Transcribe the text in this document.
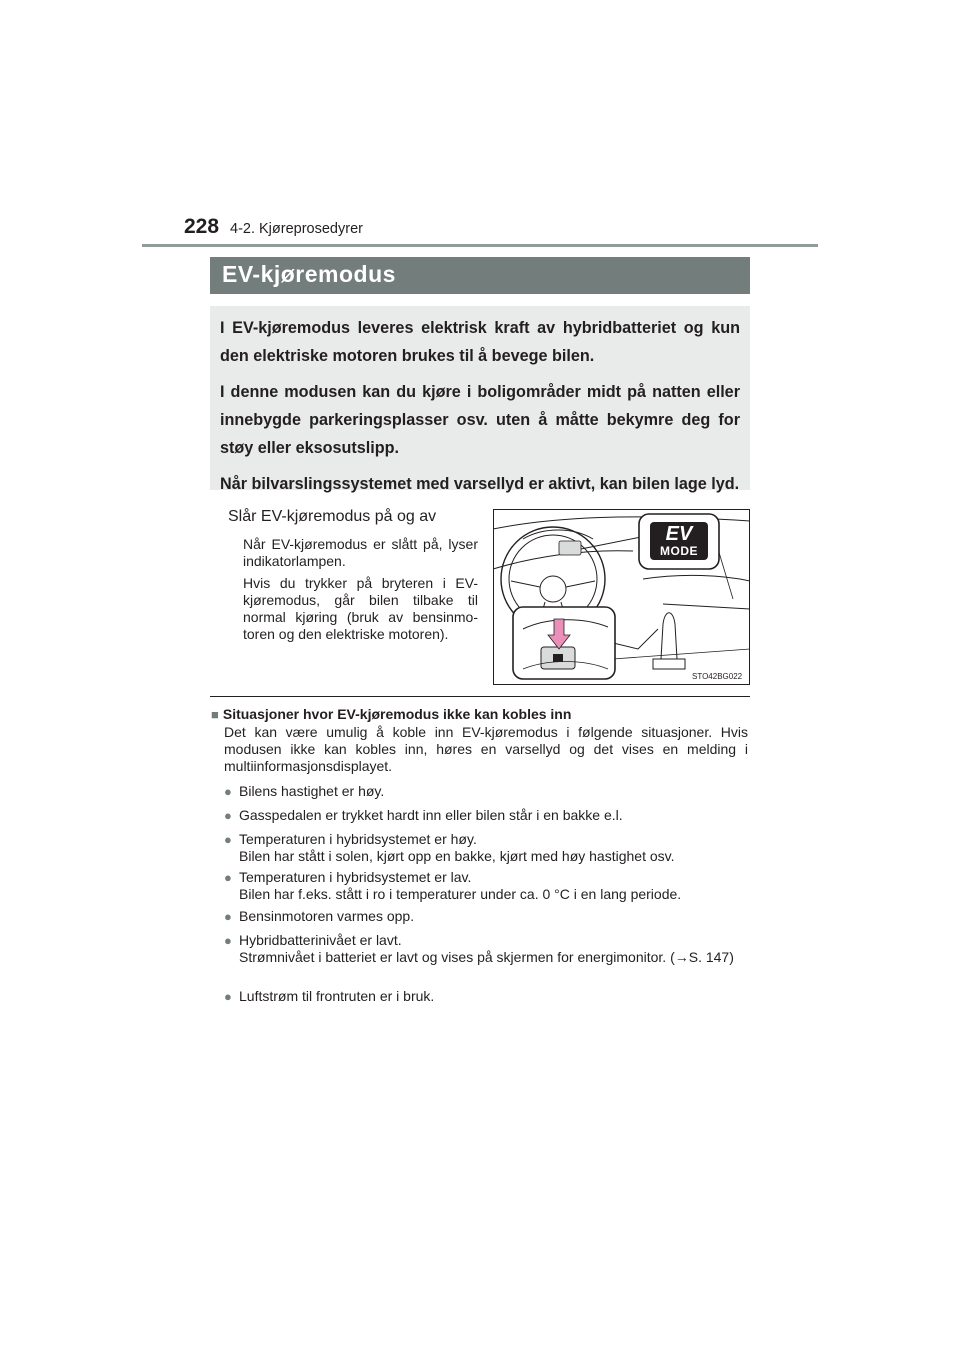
228 4-2. Kjøreprosedyrer
EV-kjøremodus

I EV-kjøremodus leveres elektrisk kraft av hybridbatteriet og kun den elektriske motoren brukes til å bevege bilen.

I denne modusen kan du kjøre i boligområder midt på natten eller innebygde parkeringsplasser osv. uten å måtte bekymre deg for støy eller eksosutslipp.

Når bilvarslingssystemet med varsellyd er aktivt, kan bilen lage lyd.

Slår EV-kjøremodus på og av
Når EV-kjøremodus er slått på, lyser indikatorlampen.
Hvis du trykker på bryteren i EV-kjøremodus, går bilen tilbake til normal kjøring (bruk av bensinmo-toren og den elektriske motoren).
EV
MODE
STO42BG022
■ Situasjoner hvor EV-kjøremodus ikke kan kobles inn
Det kan være umulig å koble inn EV-kjøremodus i følgende situasjoner. Hvis modusen ikke kan kobles inn, høres en varsellyd og det vises en melding i multiinformasjonsdisplayet.
● Bilens hastighet er høy.
● Gasspedalen er trykket hardt inn eller bilen står i en bakke e.l.
● Temperaturen i hybridsystemet er høy.
Bilen har stått i solen, kjørt opp en bakke, kjørt med høy hastighet osv.
● Temperaturen i hybridsystemet er lav.
Bilen har f.eks. stått i ro i temperaturer under ca. 0 °C i en lang periode.
● Bensinmotoren varmes opp.
● Hybridbatterinivået er lavt.
Strømnivået i batteriet er lavt og vises på skjermen for energimonitor. (→S. 147)
● Luftstrøm til frontruten er i bruk.
